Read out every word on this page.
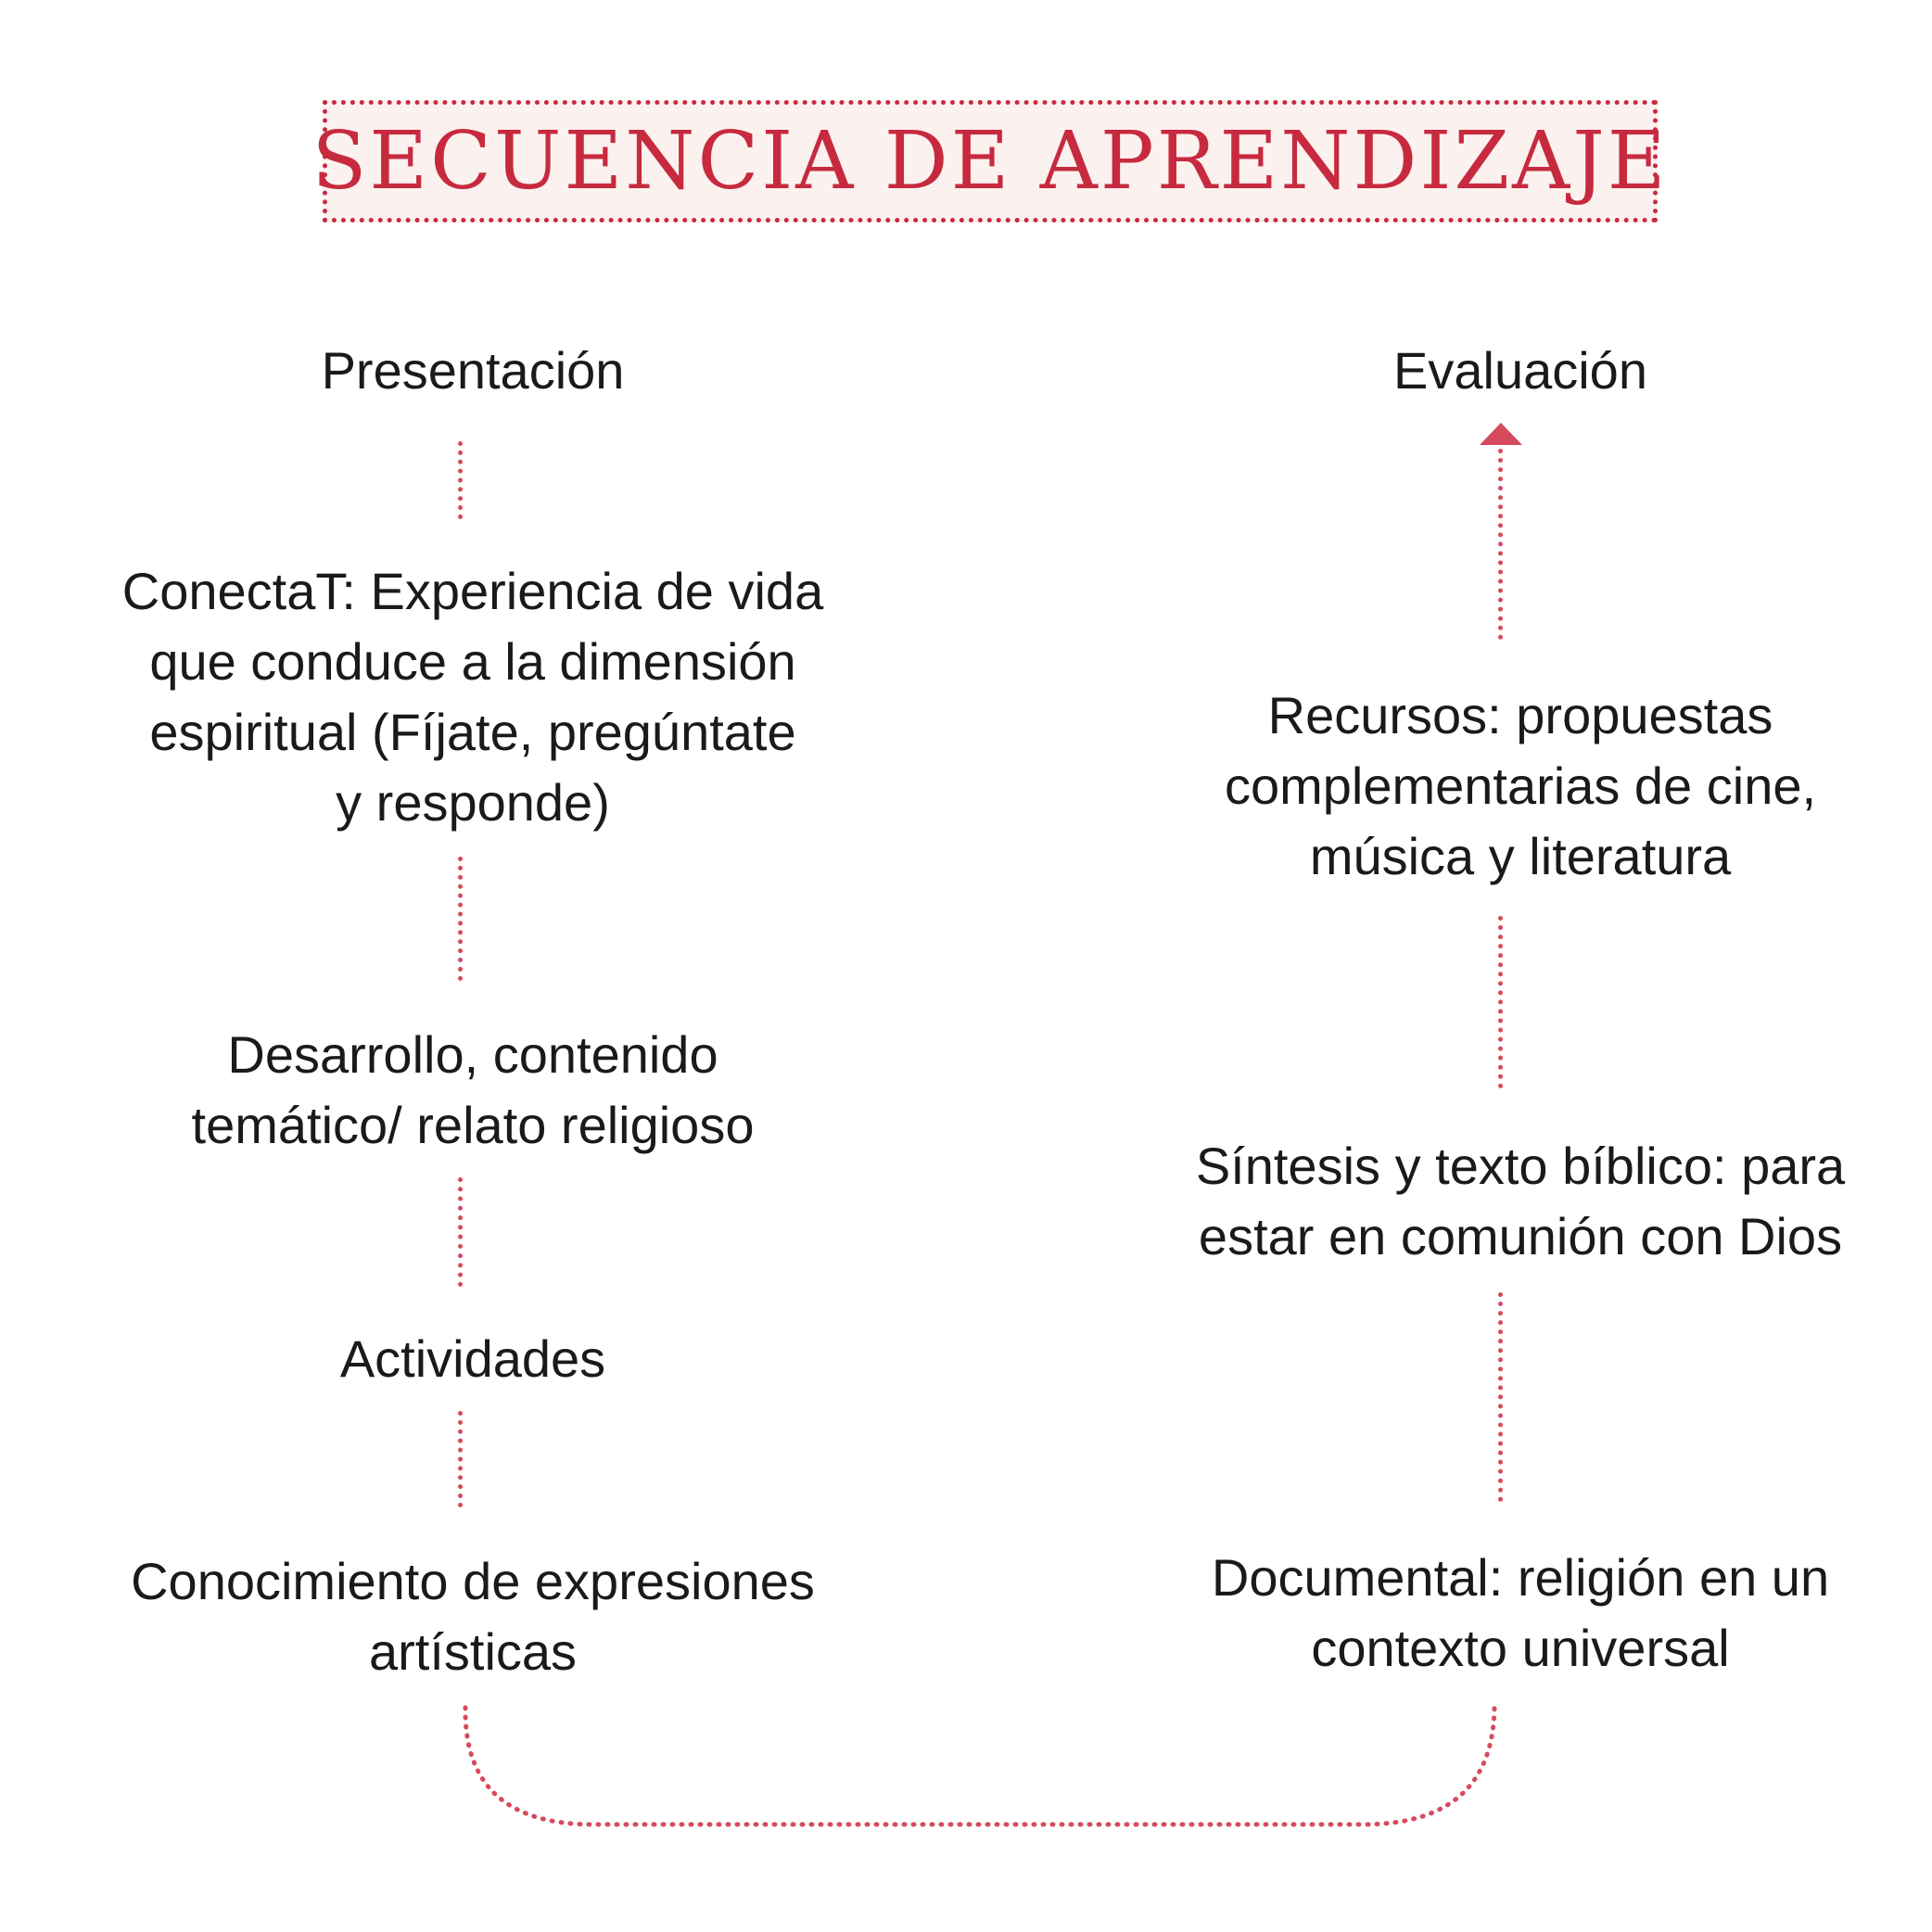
SECUENCIA DE APRENDIZAJE
Presentación
ConectaT: Experiencia de vida
que conduce a la dimensión
espiritual (Fíjate, pregúntate
y responde)
Desarrollo, contenido
temático/ relato religioso
Actividades
Conocimiento de expresiones
artísticas
Evaluación
Recursos: propuestas
complementarias de cine,
música y literatura
Síntesis y texto bíblico: para
estar en comunión con Dios
Documental: religión en un
contexto universal
